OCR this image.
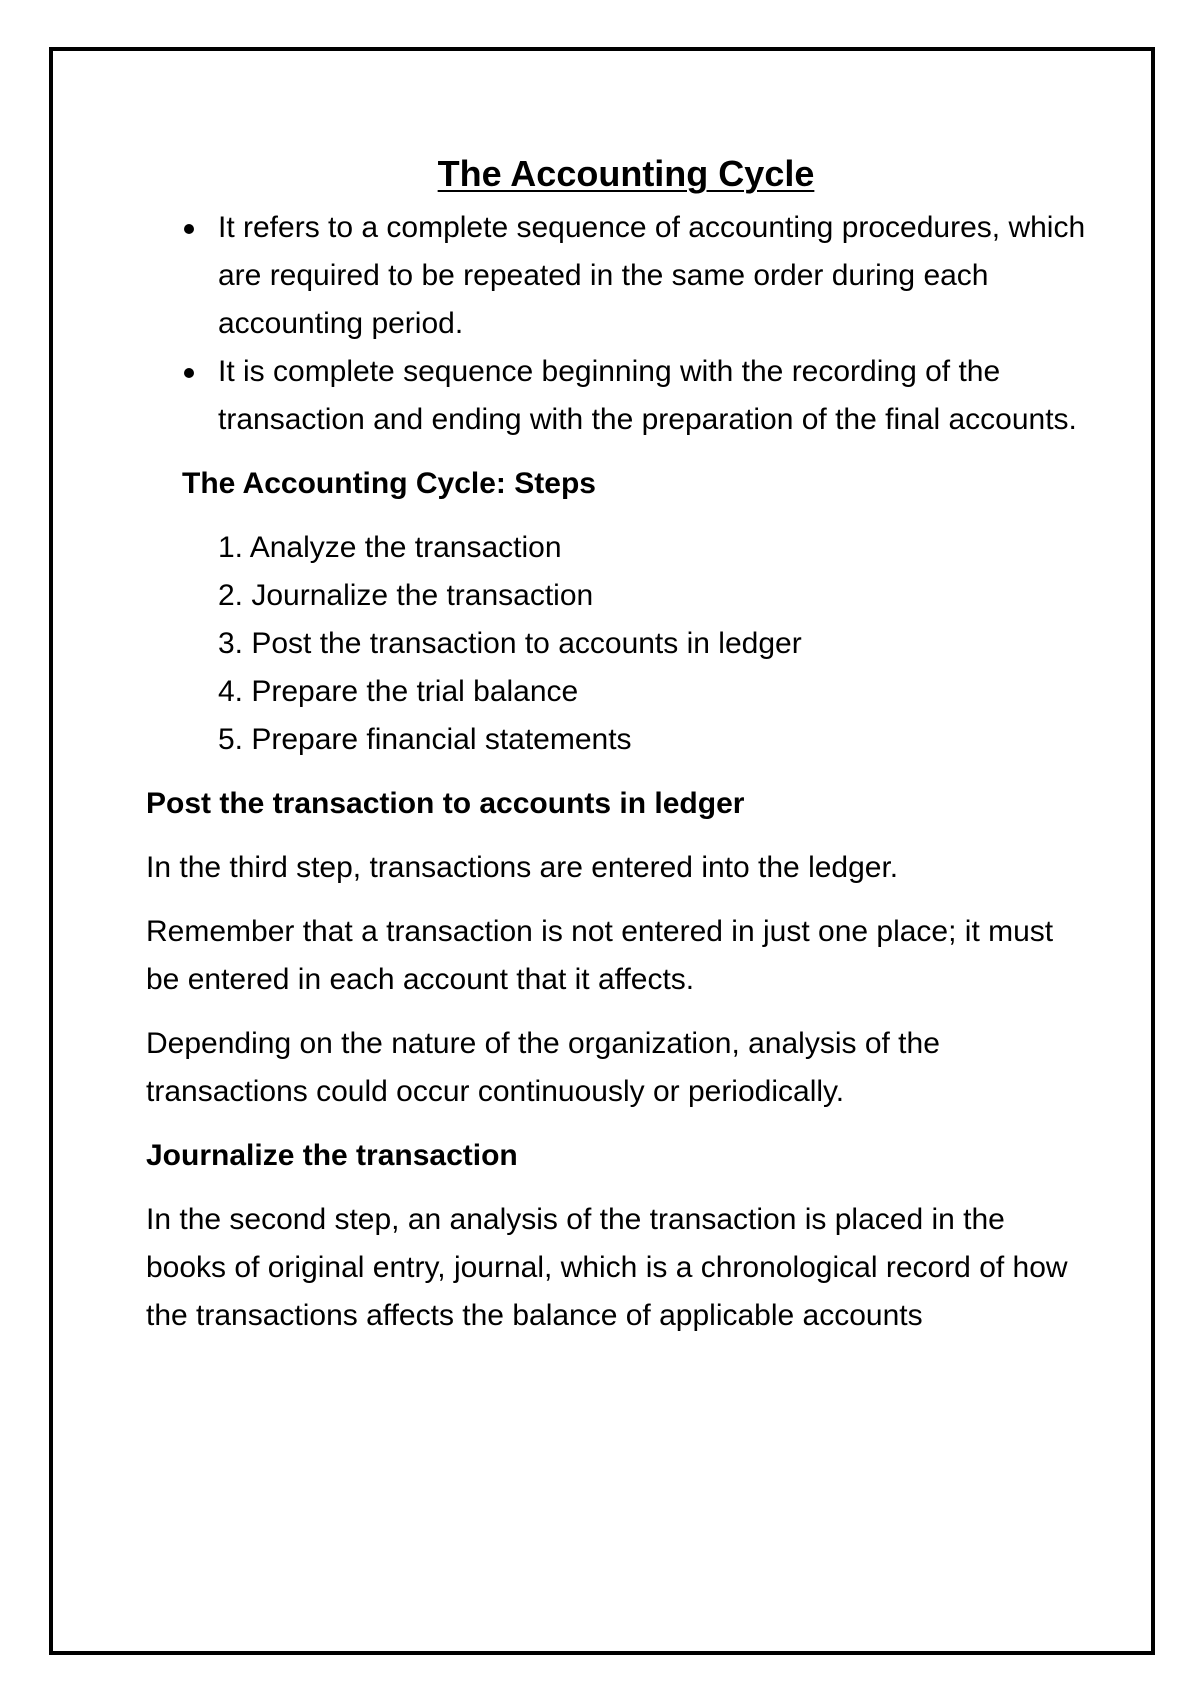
The Accounting Cycle
It refers to a complete sequence of accounting procedures, which are required to be repeated in the same order during each accounting period.
It is complete sequence beginning with the recording of the transaction and ending with the preparation of the final accounts.
The Accounting Cycle: Steps
1. Analyze the transaction
2. Journalize the transaction
3. Post the transaction to accounts in ledger
4. Prepare the trial balance
5. Prepare financial statements
Post the transaction to accounts in ledger

In the third step, transactions are entered into the ledger.

Remember that a transaction is not entered in just one place; it must be entered in each account that it affects.

Depending on the nature of the organization, analysis of the transactions could occur continuously or periodically.

Journalize the transaction

In the second step, an analysis of the transaction is placed in the books of original entry, journal, which is a chronological record of how the transactions affects the balance of applicable accounts
